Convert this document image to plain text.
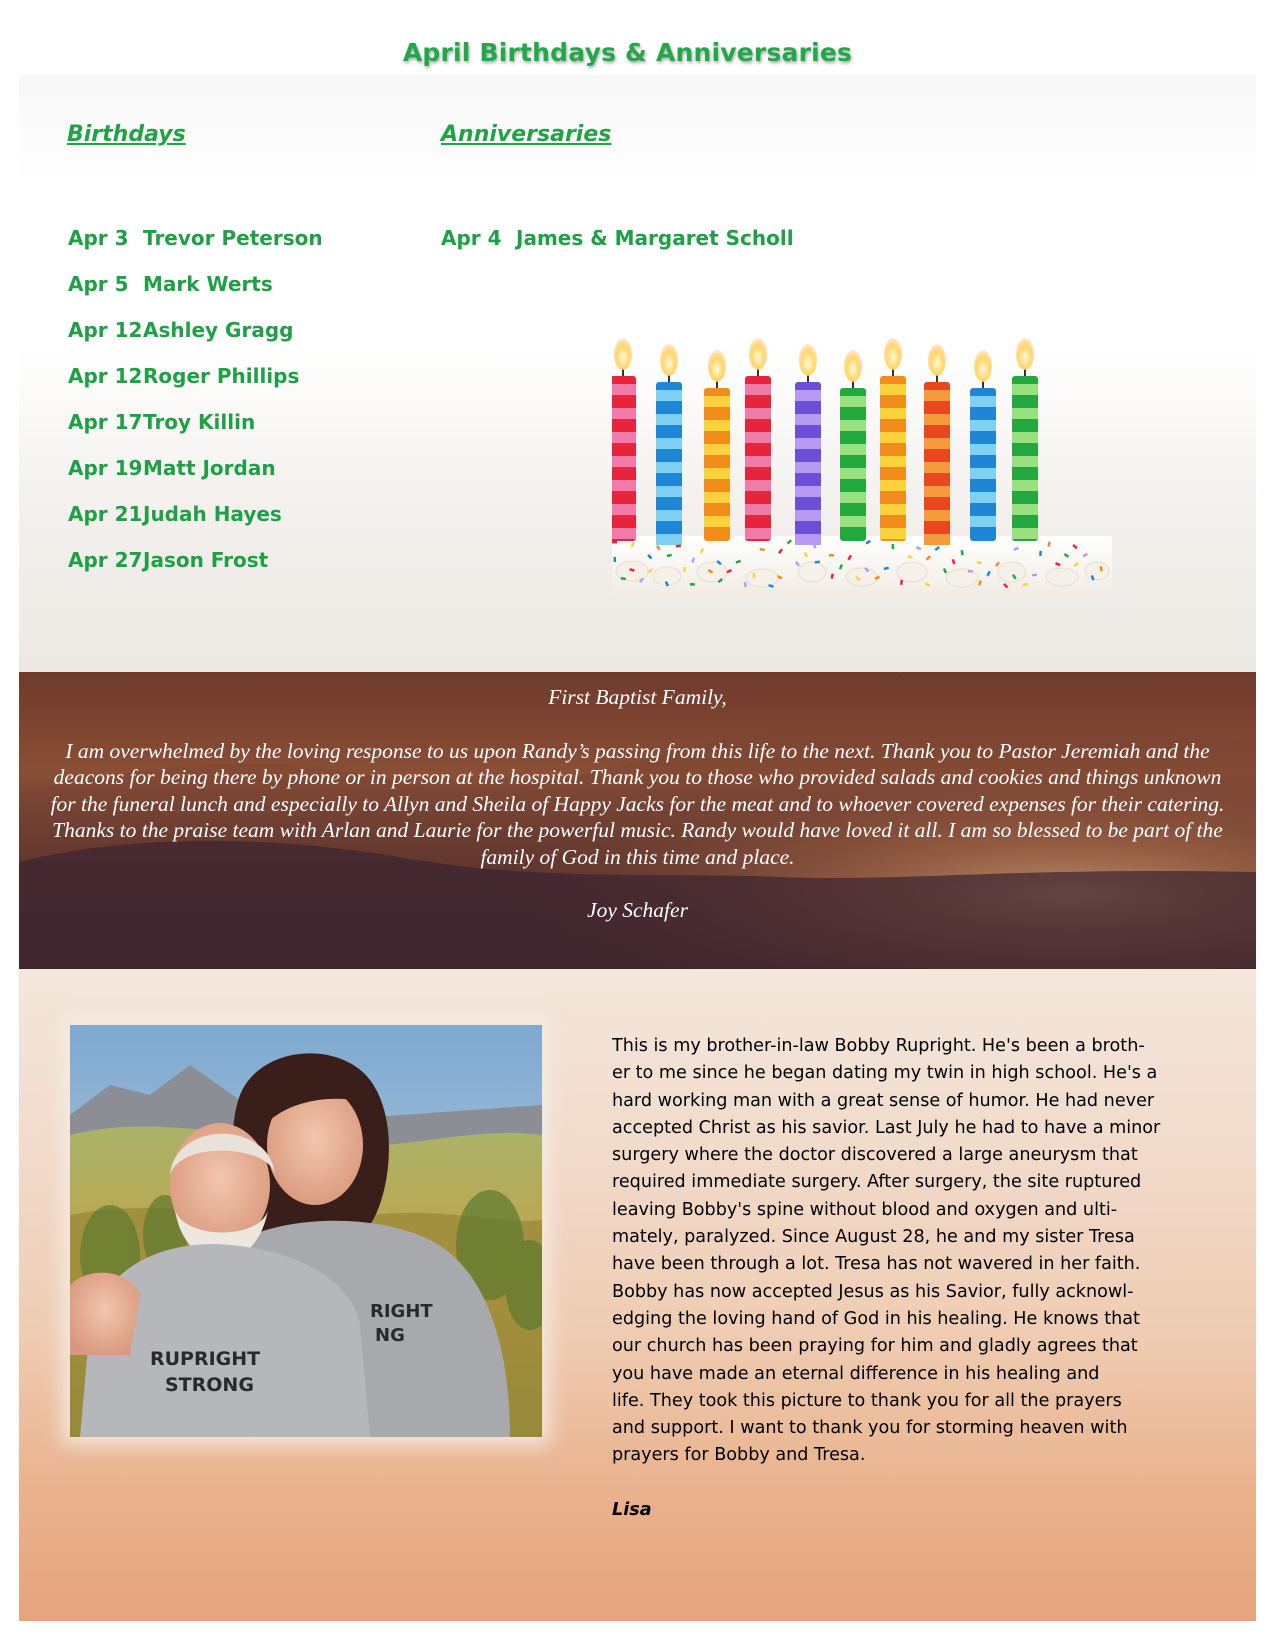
April Birthdays & Anniversaries
Birthdays	Anniversaries
Apr 3 Trevor Peterson
Apr 5 Mark Werts
Apr 12Ashley Gragg
Apr 12Roger Phillips
Apr 17Troy Killin
Apr 19Matt Jordan
Apr 21Judah Hayes
Apr 27Jason Frost
Apr 4 James & Margaret Scholl
First Baptist Family,
I am overwhelmed by the loving response to us upon Randy’s passing from this life to the next. Thank you to Pastor Jeremiah and the deacons for being there by phone or in person at the hospital. Thank you to those who provided salads and cookies and things unknown for the funeral lunch and especially to Allyn and Sheila of Happy Jacks for the meat and to whoever covered expenses for their catering. Thanks to the praise team with Arlan and Laurie for the powerful music. Randy would have loved it all. I am so blessed to be part of the family of God in this time and place.
Joy Schafer
RIGHT
NG
RUPRIGHT
STRONG

This is my brother-in-law Bobby Rupright. He's been a broth-
er to me since he began dating my twin in high school. He's a
hard working man with a great sense of humor. He had never
accepted Christ as his savior. Last July he had to have a minor
surgery where the doctor discovered a large aneurysm that
required immediate surgery. After surgery, the site ruptured
leaving Bobby's spine without blood and oxygen and ulti-
mately, paralyzed. Since August 28, he and my sister Tresa
have been through a lot. Tresa has not wavered in her faith.
Bobby has now accepted Jesus as his Savior, fully acknowl-
edging the loving hand of God in his healing. He knows that
our church has been praying for him and gladly agrees that
you have made an eternal difference in his healing and
life. They took this picture to thank you for all the prayers
and support. I want to thank you for storming heaven with
prayers for Bobby and Tresa.

Lisa
